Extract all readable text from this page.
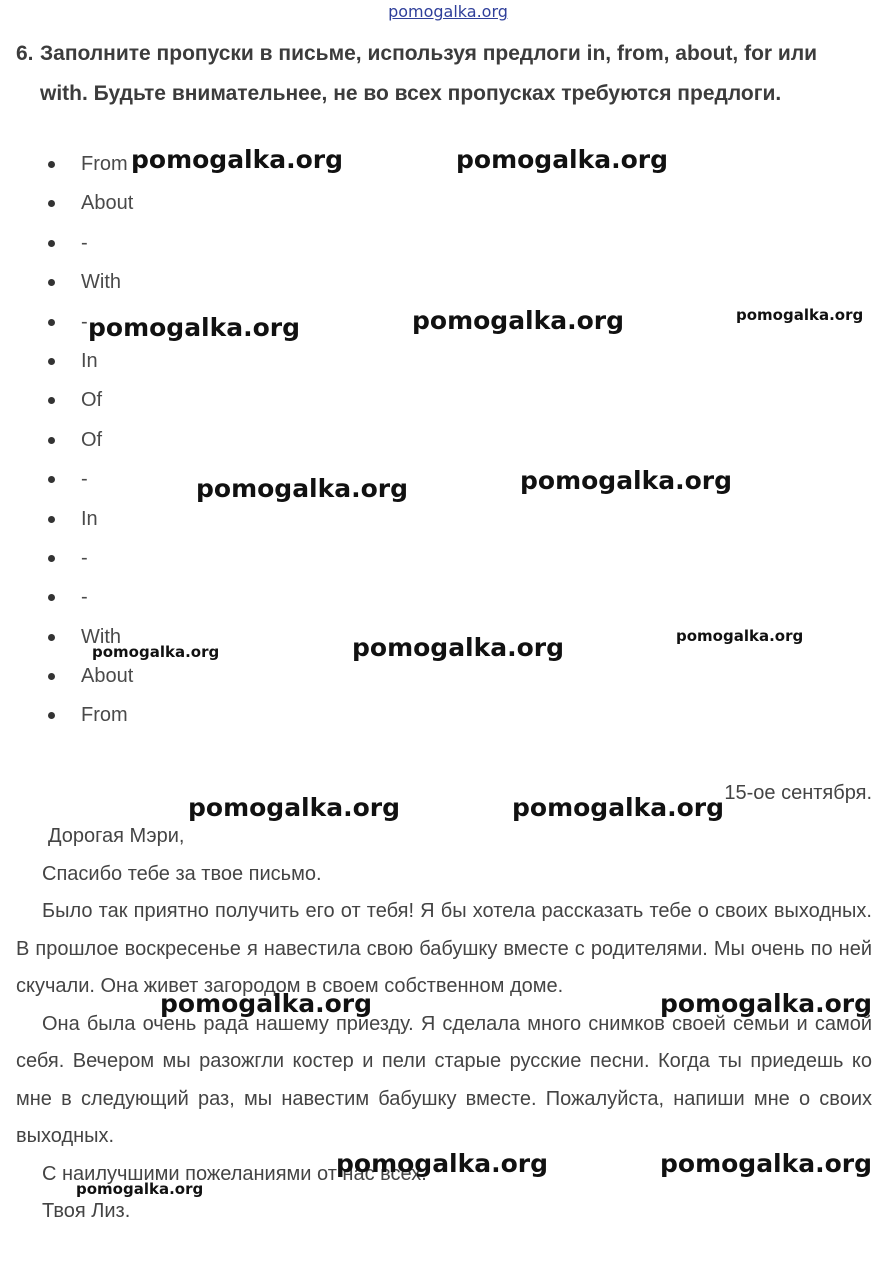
pomogalka.org
6. Заполните пропуски в письме, используя предлоги in, from, about, for или
with. Будьте внимательнее, не во всех пропусках требуются предлоги.
From
About
-
With
-
In
Of
Of
-
In
-
-
With
About
From
15-ое сентября.

Дорогая Мэри,

Спасибо тебе за твое письмо.

Было так приятно получить его от тебя! Я бы хотела рассказать тебе о своих выходных. В прошлое воскресенье я навестила свою бабушку вместе с родителями. Мы очень по ней скучали. Она живет загородом в своем собственном доме.

Она была очень рада нашему приезду. Я сделала много снимков своей семьи и самой себя. Вечером мы разожгли костер и пели старые русские песни. Когда ты приедешь ко мне в следующий раз, мы навестим бабушку вместе. Пожалуйста, напиши мне о своих выходных.

С наилучшими пожеланиями от нас всех.

Твоя Лиз.

pomogalka.org	pomogalka.org
pomogalka.org	pomogalka.org	pomogalka.org
pomogalka.org	pomogalka.org
pomogalka.org	pomogalka.org	pomogalka.org
pomogalka.org	pomogalka.org
pomogalka.org	pomogalka.org
pomogalka.org	pomogalka.org
pomogalka.org
